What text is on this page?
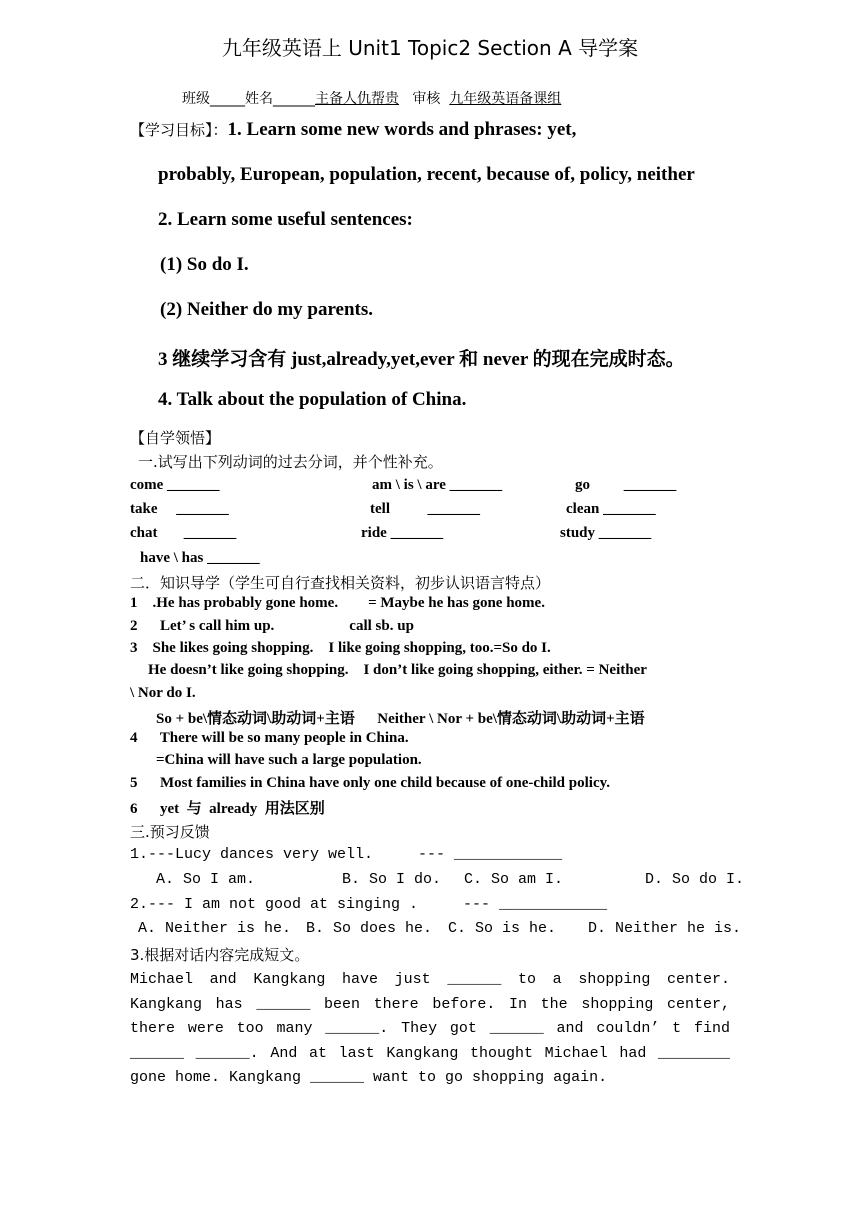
九年级英语上 Unit1 Topic2 Section A 导学案
班级_____姓名______主备人仇帮贵 审核 九年级英语备课组
【学习目标】：1. Learn some new words and phrases: yet,
probably, European, population, recent, because of, policy, neither
2. Learn some useful sentences:
(1) So do I.
(2) Neither do my parents.
3 继续学习含有 just,already,yet,ever 和 never 的现在完成时态。
4. Talk about the population of China.
【自学领悟】
一.试写出下列动词的过去分词，并个性补充。
come _______	am \ is \ are _______	go         _______
take     _______	tell          _______	clean _______
chat       _______	ride _______	study _______
have \ has _______
二．知识导学（学生可自行查找相关资料，初步认识语言特点）
1    .He has probably gone home.        = Maybe he has gone home.
2      Let’ s call him up.                    call sb. up
3    She likes going shopping.    I like going shopping, too.=So do I.
He doesn’t like going shopping.    I don’t like going shopping, either. = Neither
\ Nor do I.
So + be\情态动词\助动词+主语      Neither \ Nor + be\情态动词\助动词+主语
4      There will be so many people in China.
=China will have such a large population.
5      Most families in China have only one child because of one-child policy.
6      yet  与  already  用法区别
三.预习反馈
1.---Lucy dances very well.     --- ____________
A. So I am.	B. So I do. C. So am I.	D. So do I.
2.--- I am not good at singing .     --- ____________
A. Neither is he. B. So does he. C. So is he. D. Neither he is.
3.根据对话内容完成短文。
Michael and Kangkang have just ______ to a shopping center. Kangkang has ______ been there before. In the shopping center, there were too many ______. They got ______ and couldn’ t find ______ ______. And at last Kangkang thought Michael had ________ gone home. Kangkang ______ want to go shopping again.
